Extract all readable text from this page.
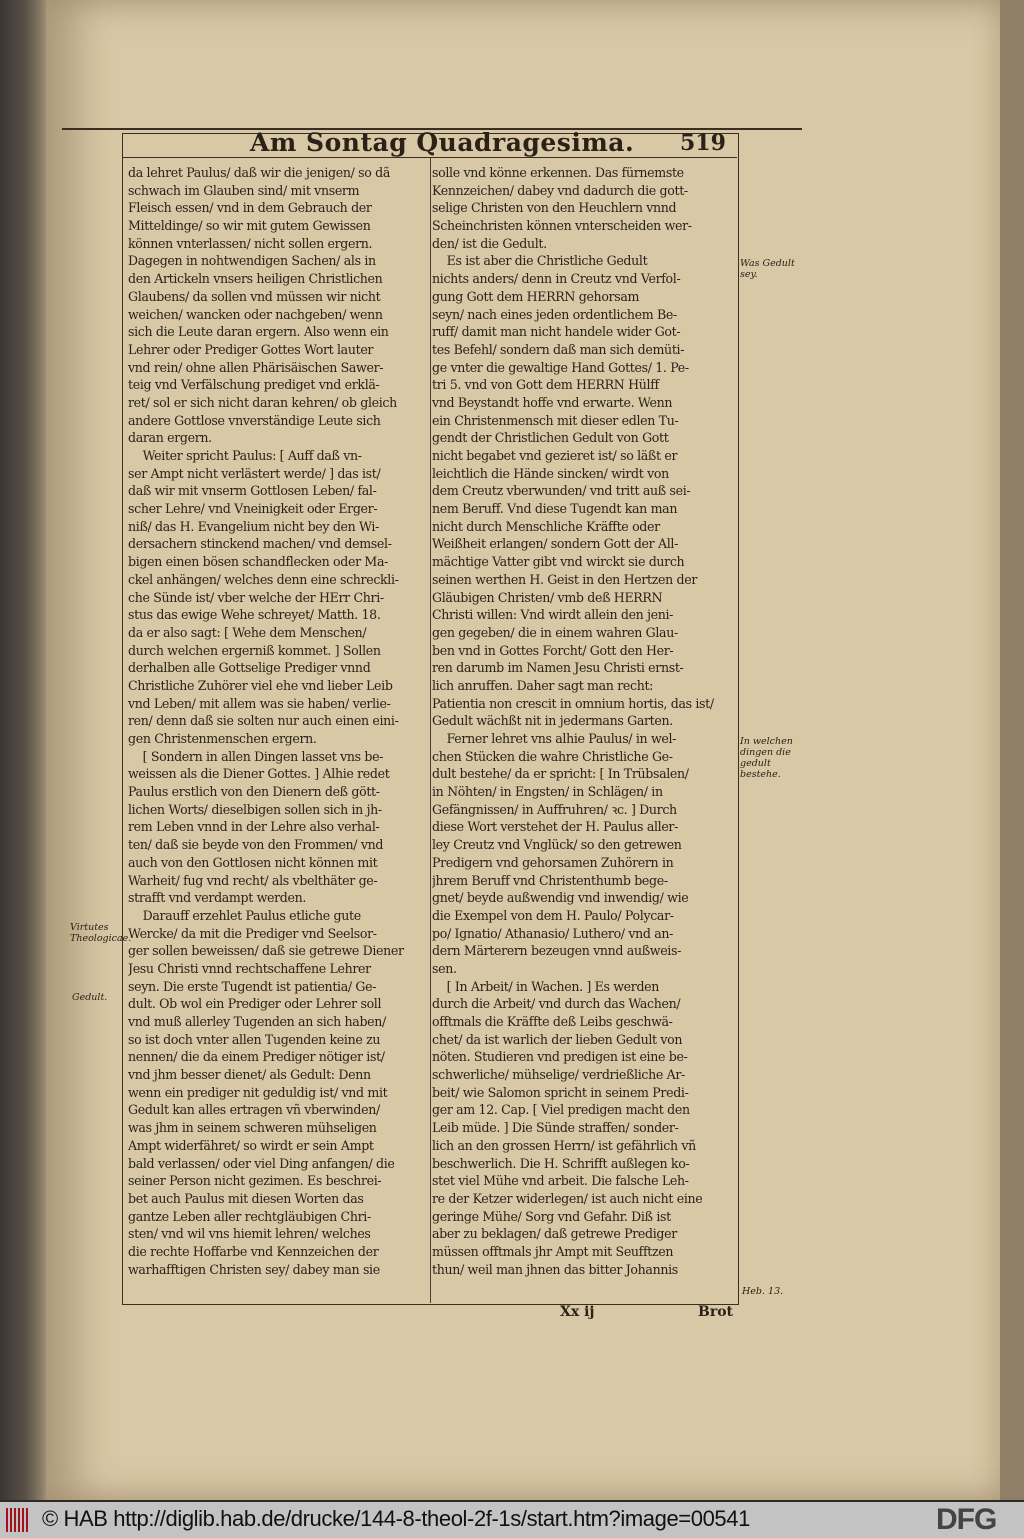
Am Sontag Quadragesima. 519
da lehret Paulus/ daß wir die jenigen/ so dã
schwach im Glauben sind/ mit vnserm
Fleisch essen/ vnd in dem Gebrauch der
Mitteldinge/ so wir mit gutem Gewissen
können vnterlassen/ nicht sollen ergern.
Dagegen in nohtwendigen Sachen/ als in
den Artickeln vnsers heiligen Christlichen
Glaubens/ da sollen vnd müssen wir nicht
weichen/ wancken oder nachgeben/ wenn
sich die Leute daran ergern. Also wenn ein
Lehrer oder Prediger Gottes Wort lauter
vnd rein/ ohne allen Phärisäischen Sawer-
teig vnd Verfälschung prediget vnd erklä-
ret/ sol er sich nicht daran kehren/ ob gleich
andere Gottlose vnverständige Leute sich
daran ergern.
Weiter spricht Paulus: [ Auff daß vn-
ser Ampt nicht verlästert werde/ ] das ist/
daß wir mit vnserm Gottlosen Leben/ fal-
scher Lehre/ vnd Vneinigkeit oder Erger-
niß/ das H. Evangelium nicht bey den Wi-
dersachern stinckend machen/ vnd demsel-
bigen einen bösen schandflecken oder Ma-
ckel anhängen/ welches denn eine schreckli-
che Sünde ist/ vber welche der HErr Chri-
stus das ewige Wehe schreyet/ Matth. 18.
da er also sagt: [ Wehe dem Menschen/
durch welchen ergerniß kommet. ] Sollen
derhalben alle Gottselige Prediger vnnd
Christliche Zuhörer viel ehe vnd lieber Leib
vnd Leben/ mit allem was sie haben/ verlie-
ren/ denn daß sie solten nur auch einen eini-
gen Christenmenschen ergern.
[ Sondern in allen Dingen lasset vns be-
weissen als die Diener Gottes. ] Alhie redet
Paulus erstlich von den Dienern deß gött-
lichen Worts/ dieselbigen sollen sich in jh-
rem Leben vnnd in der Lehre also verhal-
ten/ daß sie beyde von den Frommen/ vnd
auch von den Gottlosen nicht können mit
Warheit/ fug vnd recht/ als vbelthäter ge-
strafft vnd verdampt werden.
Darauff erzehlet Paulus etliche gute
Wercke/ da mit die Prediger vnd Seelsor-
ger sollen beweissen/ daß sie getrewe Diener
Jesu Christi vnnd rechtschaffene Lehrer
seyn. Die erste Tugendt ist patientia/ Ge-
dult. Ob wol ein Prediger oder Lehrer soll
vnd muß allerley Tugenden an sich haben/
so ist doch vnter allen Tugenden keine zu
nennen/ die da einem Prediger nötiger ist/
vnd jhm besser dienet/ als Gedult: Denn
wenn ein prediger nit geduldig ist/ vnd mit
Gedult kan alles ertragen vñ vberwinden/
was jhm in seinem schweren mühseligen
Ampt widerfähret/ so wirdt er sein Ampt
bald verlassen/ oder viel Ding anfangen/ die
seiner Person nicht gezimen. Es beschrei-
bet auch Paulus mit diesen Worten das
gantze Leben aller rechtgläubigen Chri-
sten/ vnd wil vns hiemit lehren/ welches
die rechte Hoffarbe vnd Kennzeichen der
warhafftigen Christen sey/ dabey man sie
solle vnd könne erkennen. Das fürnemste
Kennzeichen/ dabey vnd dadurch die gott-
selige Christen von den Heuchlern vnnd
Scheinchristen können vnterscheiden wer-
den/ ist die Gedult.
Es ist aber die Christliche Gedult
nichts anders/ denn in Creutz vnd Verfol-
gung Gott dem HERRN gehorsam
seyn/ nach eines jeden ordentlichem Be-
ruff/ damit man nicht handele wider Got-
tes Befehl/ sondern daß man sich demüti-
ge vnter die gewaltige Hand Gottes/ 1. Pe-
tri 5. vnd von Gott dem HERRN Hülff
vnd Beystandt hoffe vnd erwarte. Wenn
ein Christenmensch mit dieser edlen Tu-
gendt der Christlichen Gedult von Gott
nicht begabet vnd gezieret ist/ so läßt er
leichtlich die Hände sincken/ wirdt von
dem Creutz vberwunden/ vnd tritt auß sei-
nem Beruff. Vnd diese Tugendt kan man
nicht durch Menschliche Kräffte oder
Weißheit erlangen/ sondern Gott der All-
mächtige Vatter gibt vnd wirckt sie durch
seinen werthen H. Geist in den Hertzen der
Gläubigen Christen/ vmb deß HERRN
Christi willen: Vnd wirdt allein den jeni-
gen gegeben/ die in einem wahren Glau-
ben vnd in Gottes Forcht/ Gott den Her-
ren darumb im Namen Jesu Christi ernst-
lich anruffen. Daher sagt man recht:
Patientia non crescit in omnium hortis, das ist/
Gedult wächßt nit in jedermans Garten.
Ferner lehret vns alhie Paulus/ in wel-
chen Stücken die wahre Christliche Ge-
dult bestehe/ da er spricht: [ In Trübsalen/
in Nöhten/ in Engsten/ in Schlägen/ in
Gefängnissen/ in Auffruhren/ ꝛc. ] Durch
diese Wort verstehet der H. Paulus aller-
ley Creutz vnd Vnglück/ so den getrewen
Predigern vnd gehorsamen Zuhörern in
jhrem Beruff vnd Christenthumb bege-
gnet/ beyde außwendig vnd inwendig/ wie
die Exempel von dem H. Paulo/ Polycar-
po/ Ignatio/ Athanasio/ Luthero/ vnd an-
dern Märterern bezeugen vnnd außweis-
sen.
[ In Arbeit/ in Wachen. ] Es werden
durch die Arbeit/ vnd durch das Wachen/
offtmals die Kräffte deß Leibs geschwä-
chet/ da ist warlich der lieben Gedult von
nöten. Studieren vnd predigen ist eine be-
schwerliche/ mühselige/ verdrießliche Ar-
beit/ wie Salomon spricht in seinem Predi-
ger am 12. Cap. [ Viel predigen macht den
Leib müde. ] Die Sünde straffen/ sonder-
lich an den grossen Herrn/ ist gefährlich vñ
beschwerlich. Die H. Schrifft außlegen ko-
stet viel Mühe vnd arbeit. Die falsche Leh-
re der Ketzer widerlegen/ ist auch nicht eine
geringe Mühe/ Sorg vnd Gefahr. Diß ist
aber zu beklagen/ daß getrewe Prediger
müssen offtmals jhr Ampt mit Seufftzen
thun/ weil man jhnen das bitter Johannis
Was Gedult sey.
In welchen dingen die gedult bestehe.
Virtutes Theologicae.
Gedult.
Heb. 13.
Xx ij	Brot
© HAB http://diglib.hab.de/drucke/144-8-theol-2f-1s/start.htm?image=00541	DFG
